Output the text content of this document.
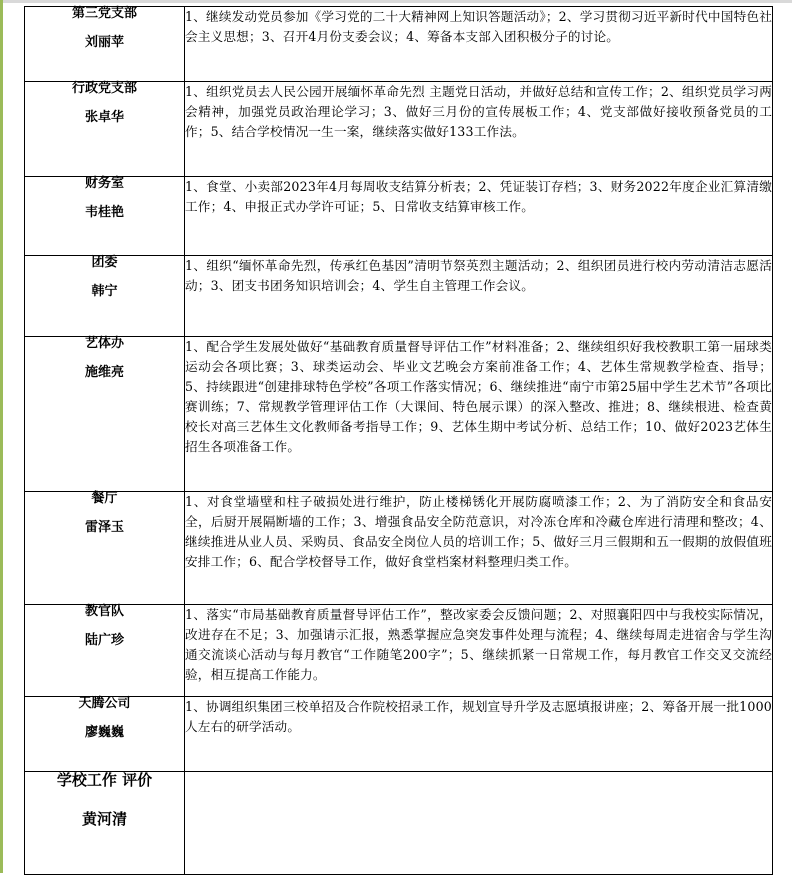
第三党支部
刘丽苹	1、继续发动党员参加《学习党的二十大精神网上知识答题活动》；2、学习贯彻习近平新时代中国特色社会主义思想；3、召开4月份支委会议；4、筹备本支部入团积极分子的讨论。

行政党支部
张卓华	1、组织党员去人民公园开展缅怀革命先烈 主题党日活动，并做好总结和宣传工作；2、组织党员学习两会精神，加强党员政治理论学习；3、做好三月份的宣传展板工作；4、党支部做好接收预备党员的工作；5、结合学校情况一生一案，继续落实做好133工作法。

财务室
韦桂艳	1、食堂、小卖部2023年4月每周收支结算分析表；2、凭证装订存档；3、财务2022年度企业汇算清缴工作；4、申报正式办学许可证；5、日常收支结算审核工作。

团委
韩宁	1、组织“缅怀革命先烈，传承红色基因”清明节祭英烈主题活动；2、组织团员进行校内劳动清洁志愿活动；3、团支书团务知识培训会；4、学生自主管理工作会议。

艺体办
施维亮	1、配合学生发展处做好“基础教育质量督导评估工作”材料准备；2、继续组织好我校教职工第一届球类运动会各项比赛；3、球类运动会、毕业文艺晚会方案前准备工作；4、艺体生常规教学检查、指导；5、持续跟进“创建排球特色学校”各项工作落实情况；6、继续推进“南宁市第25届中学生艺术节”各项比赛训练；7、常规教学管理评估工作（大课间、特色展示课）的深入整改、推进；8、继续根进、检查黄校长对高三艺体生文化教师备考指导工作；9、艺体生期中考试分析、总结工作；10、做好2023艺体生招生各项准备工作。

餐厅
雷泽玉	1、对食堂墙壁和柱子破损处进行维护，防止楼梯锈化开展防腐喷漆工作；2、为了消防安全和食品安全，后厨开展隔断墙的工作；3、增强食品安全防范意识，对冷冻仓库和冷藏仓库进行清理和整改；4、继续推进从业人员、采购员、食品安全岗位人员的培训工作；5、做好三月三假期和五一假期的放假值班安排工作；6、配合学校督导工作，做好食堂档案材料整理归类工作。

教官队
陆广珍	1、落实“市局基础教育质量督导评估工作”，整改家委会反馈问题；2、对照襄阳四中与我校实际情况，改进存在不足；3、加强请示汇报，熟悉掌握应急突发事件处理与流程；4、继续每周走进宿舍与学生沟通交流谈心活动与每月教官“工作随笔200字”；5、继续抓紧一日常规工作，每月教官工作交叉交流经验，相互提高工作能力。

天腾公司
廖巍巍	1、协调组织集团三校单招及合作院校招录工作，规划宣导升学及志愿填报讲座；2、筹备开展一批1000人左右的研学活动。

学校工作 评价
黄河清	
